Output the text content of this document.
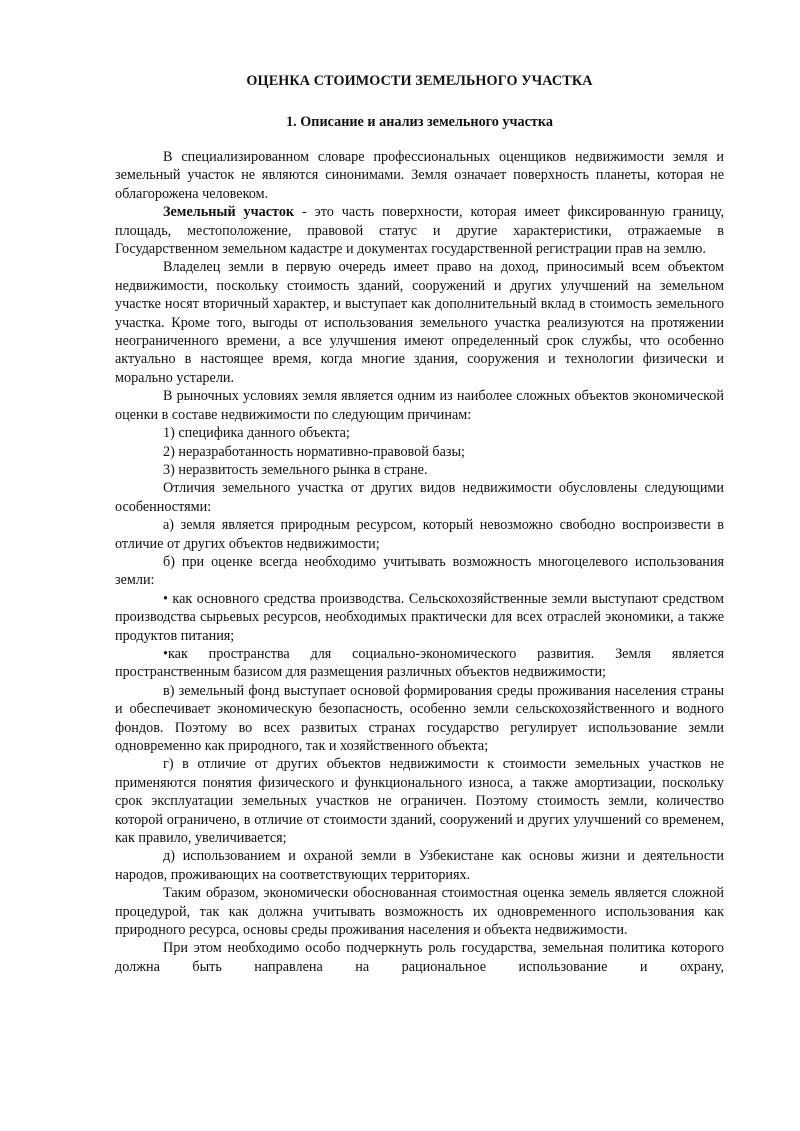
ОЦЕНКА СТОИМОСТИ ЗЕМЕЛЬНОГО УЧАСТКА
1. Описание и анализ земельного участка

В специализированном словаре профессиональных оценщиков недвижимости земля и земельный участок не являются синонимами. Земля означает поверхность планеты, которая не облагорожена человеком.

Земельный участок - это часть поверхности, которая имеет фиксированную границу, площадь, местоположение, правовой статус и другие характеристики, отражаемые в Государственном земельном кадастре и документах государственной регистрации прав на землю.

Владелец земли в первую очередь имеет право на доход, приносимый всем объектом недвижимости, поскольку стоимость зданий, сооружений и других улучшений на земельном участке носят вторичный характер, и выступает как дополнительный вклад в стоимость земельного участка. Кроме того, выгоды от использования земельного участка реализуются на протяжении неограниченного времени, а все улучшения имеют определенный срок службы, что особенно актуально в настоящее время, когда многие здания, сооружения и технологии физически и морально устарели.

В рыночных условиях земля является одним из наиболее сложных объектов экономической оценки в составе недвижимости по следующим причинам:

1) специфика данного объекта;

2) неразработанность нормативно-правовой базы;

3) неразвитость земельного рынка в стране.

Отличия земельного участка от других видов недвижимости обусловлены следующими особенностями:

а) земля является природным ресурсом, который невозможно свободно воспроизвести в отличие от других объектов недвижимости;

б) при оценке всегда необходимо учитывать возможность многоцелевого использования земли:

• как основного средства производства. Сельскохозяйственные земли выступают средством производства сырьевых ресурсов, необходимых практически для всех отраслей экономики, а также продуктов питания;

•как пространства для социально-экономического развития. Земля является пространственным базисом для размещения различных объектов недвижимости;

в) земельный фонд выступает основой формирования среды проживания населения страны и обеспечивает экономическую безопасность, особенно земли сельскохозяйственного и водного фондов. Поэтому во всех развитых странах государство регулирует использование земли одновременно как природного, так и хозяйственного объекта;

г) в отличие от других объектов недвижимости к стоимости земельных участков не применяются понятия физического и функционального износа, а также амортизации, поскольку срок эксплуатации земельных участков не ограничен. Поэтому стоимость земли, количество которой ограничено, в отличие от стоимости зданий, сооружений и других улучшений со временем, как правило, увеличивается;

д) использованием и охраной земли в Узбекистане как основы жизни и деятельности народов, проживающих на соответствующих территориях.

Таким образом, экономически обоснованная стоимостная оценка земель является сложной процедурой, так как должна учитывать возможность их одновременного использования как природного ресурса, основы среды проживания населения и объекта недвижимости.

При этом необходимо особо подчеркнуть роль государства, земельная политика которого должна быть направлена на рациональное использование и охрану,
